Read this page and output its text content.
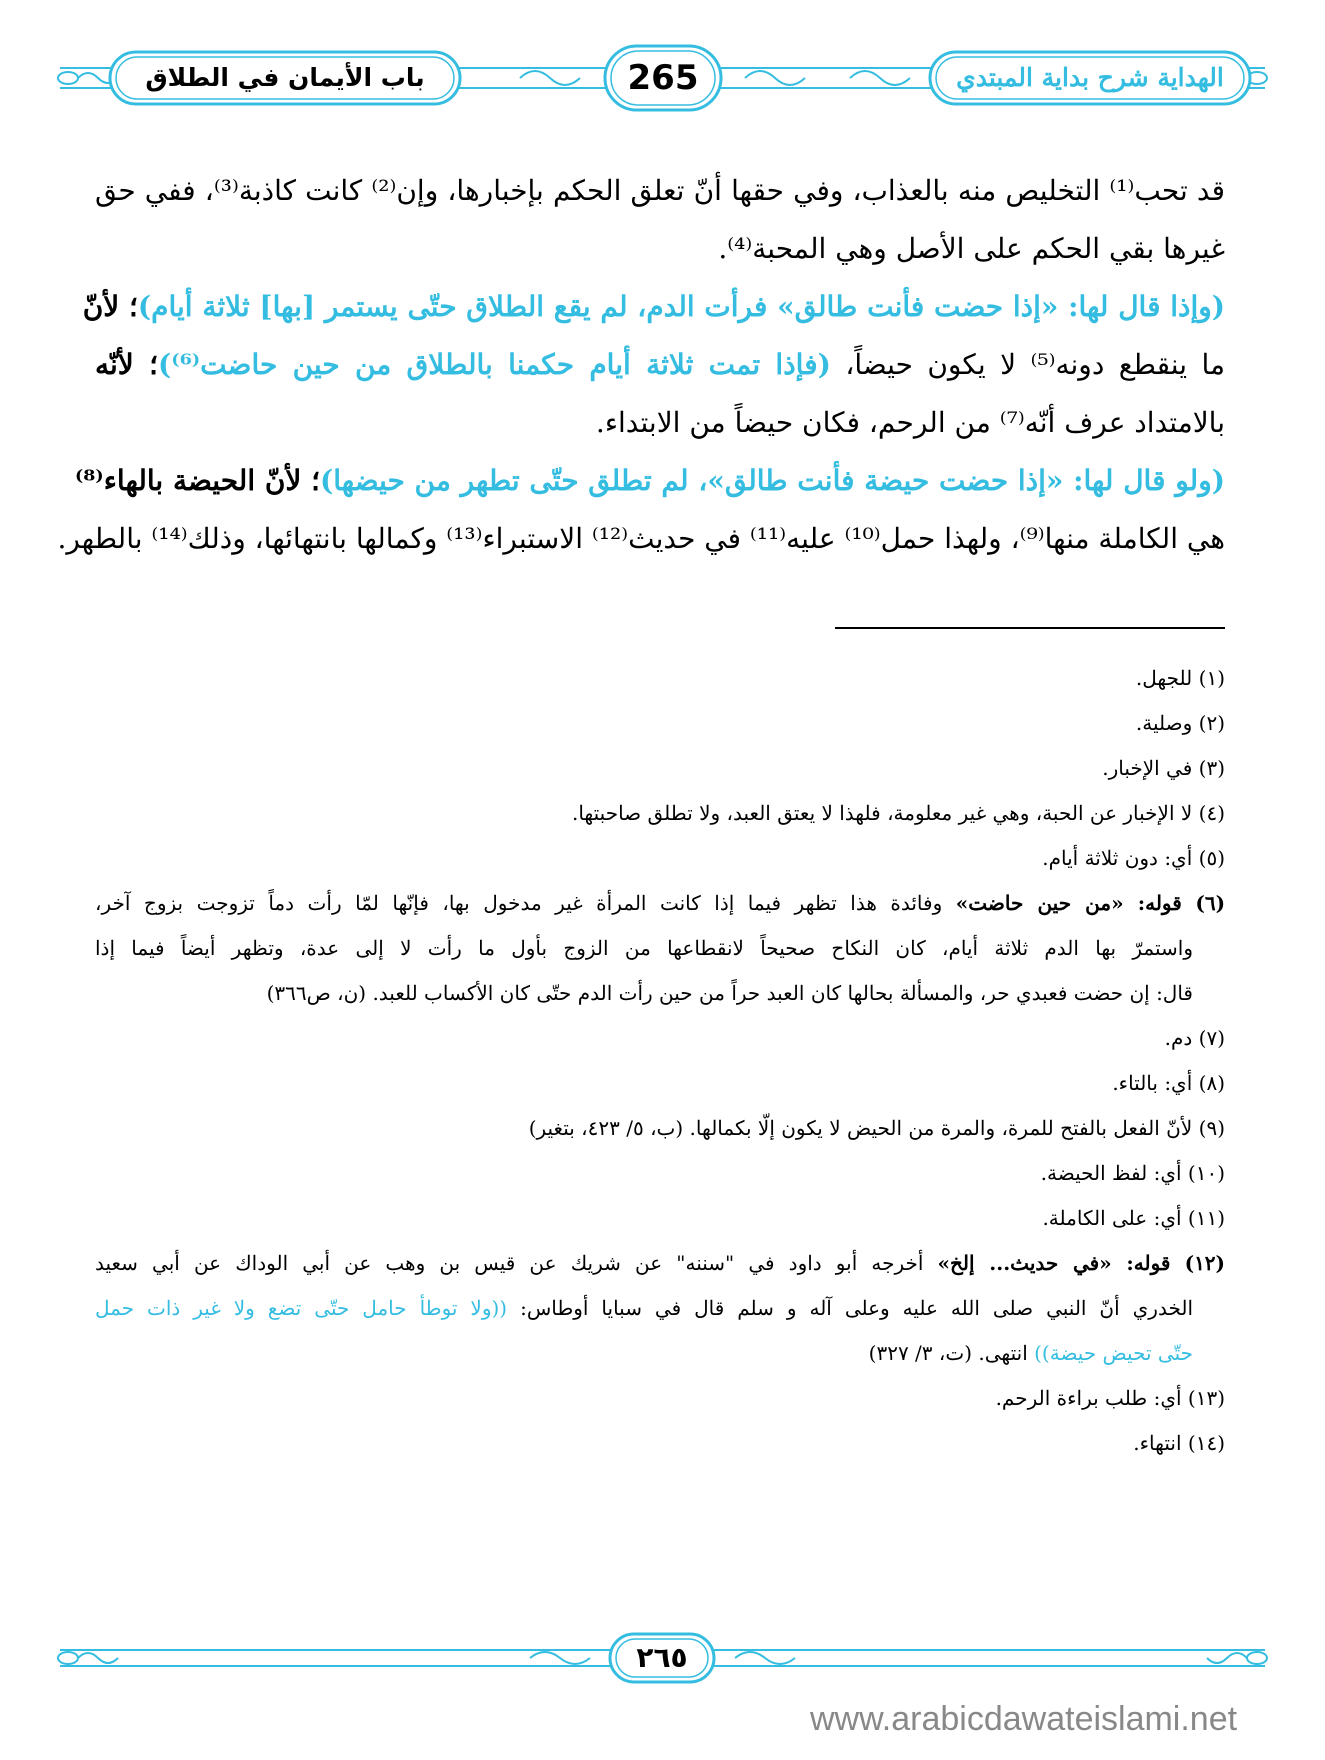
باب الأيمان في الطلاق	265	الهداية شرح بداية المبتدي
قد تحب⁽¹⁾ التخليص منه بالعذاب، وفي حقها أنّ تعلق الحكم بإخبارها، وإن⁽²⁾ كانت كاذبة⁽³⁾، ففي حق
غيرها بقي الحكم على الأصل وهي المحبة⁽⁴⁾.
(وإذا قال لها: «إذا حضت فأنت طالق» فرأت الدم، لم يقع الطلاق حتّى يستمر [بها] ثلاثة أيام)؛ لأنّ
ما ينقطع دونه⁽⁵⁾ لا يكون حيضاً، (فإذا تمت ثلاثة أيام حكمنا بالطلاق من حين حاضت⁽⁶⁾)؛ لأنّه
بالامتداد عرف أنّه⁽⁷⁾ من الرحم، فكان حيضاً من الابتداء.
(ولو قال لها: «إذا حضت حيضة فأنت طالق»، لم تطلق حتّى تطهر من حيضها)؛ لأنّ الحيضة بالهاء⁽⁸⁾
هي الكاملة منها⁽⁹⁾، ولهذا حمل⁽¹⁰⁾ عليه⁽¹¹⁾ في حديث⁽¹²⁾ الاستبراء⁽¹³⁾ وكمالها بانتهائها، وذلك⁽¹⁴⁾ بالطهر.
(١) للجهل.
(٢) وصلية.
(٣) في الإخبار.
(٤) لا الإخبار عن الحبة، وهي غير معلومة، فلهذا لا يعتق العبد، ولا تطلق صاحبتها.
(٥) أي: دون ثلاثة أيام.
(٦) قوله: «من حين حاضت» وفائدة هذا تظهر فيما إذا كانت المرأة غير مدخول بها، فإنّها لمّا رأت دماً تزوجت بزوج آخر،
واستمرّ بها الدم ثلاثة أيام، كان النكاح صحيحاً لانقطاعها من الزوج بأول ما رأت لا إلى عدة، وتظهر أيضاً فيما إذا
قال: إن حضت فعبدي حر، والمسألة بحالها كان العبد حراً من حين رأت الدم حتّى كان الأكساب للعبد. (ن، ص٣٦٦)
(٧) دم.
(٨) أي: بالتاء.
(٩) لأنّ الفعل بالفتح للمرة، والمرة من الحيض لا يكون إلّا بكمالها. (ب، ٥/ ٤٢٣، بتغير)
(١٠) أي: لفظ الحيضة.
(١١) أي: على الكاملة.
(١٢) قوله: «في حديث... إلخ» أخرجه أبو داود في "سننه" عن شريك عن قيس بن وهب عن أبي الوداك عن أبي سعيد
الخدري أنّ النبي صلى الله عليه وعلى آله و سلم قال في سبايا أوطاس: ((ولا توطأ حامل حتّى تضع ولا غير ذات حمل
حتّى تحيض حيضة)) انتهى. (ت، ٣/ ٣٢٧)
(١٣) أي: طلب براءة الرحم.
(١٤) انتهاء.
٢٦٥
www.arabicdawateislami.net
